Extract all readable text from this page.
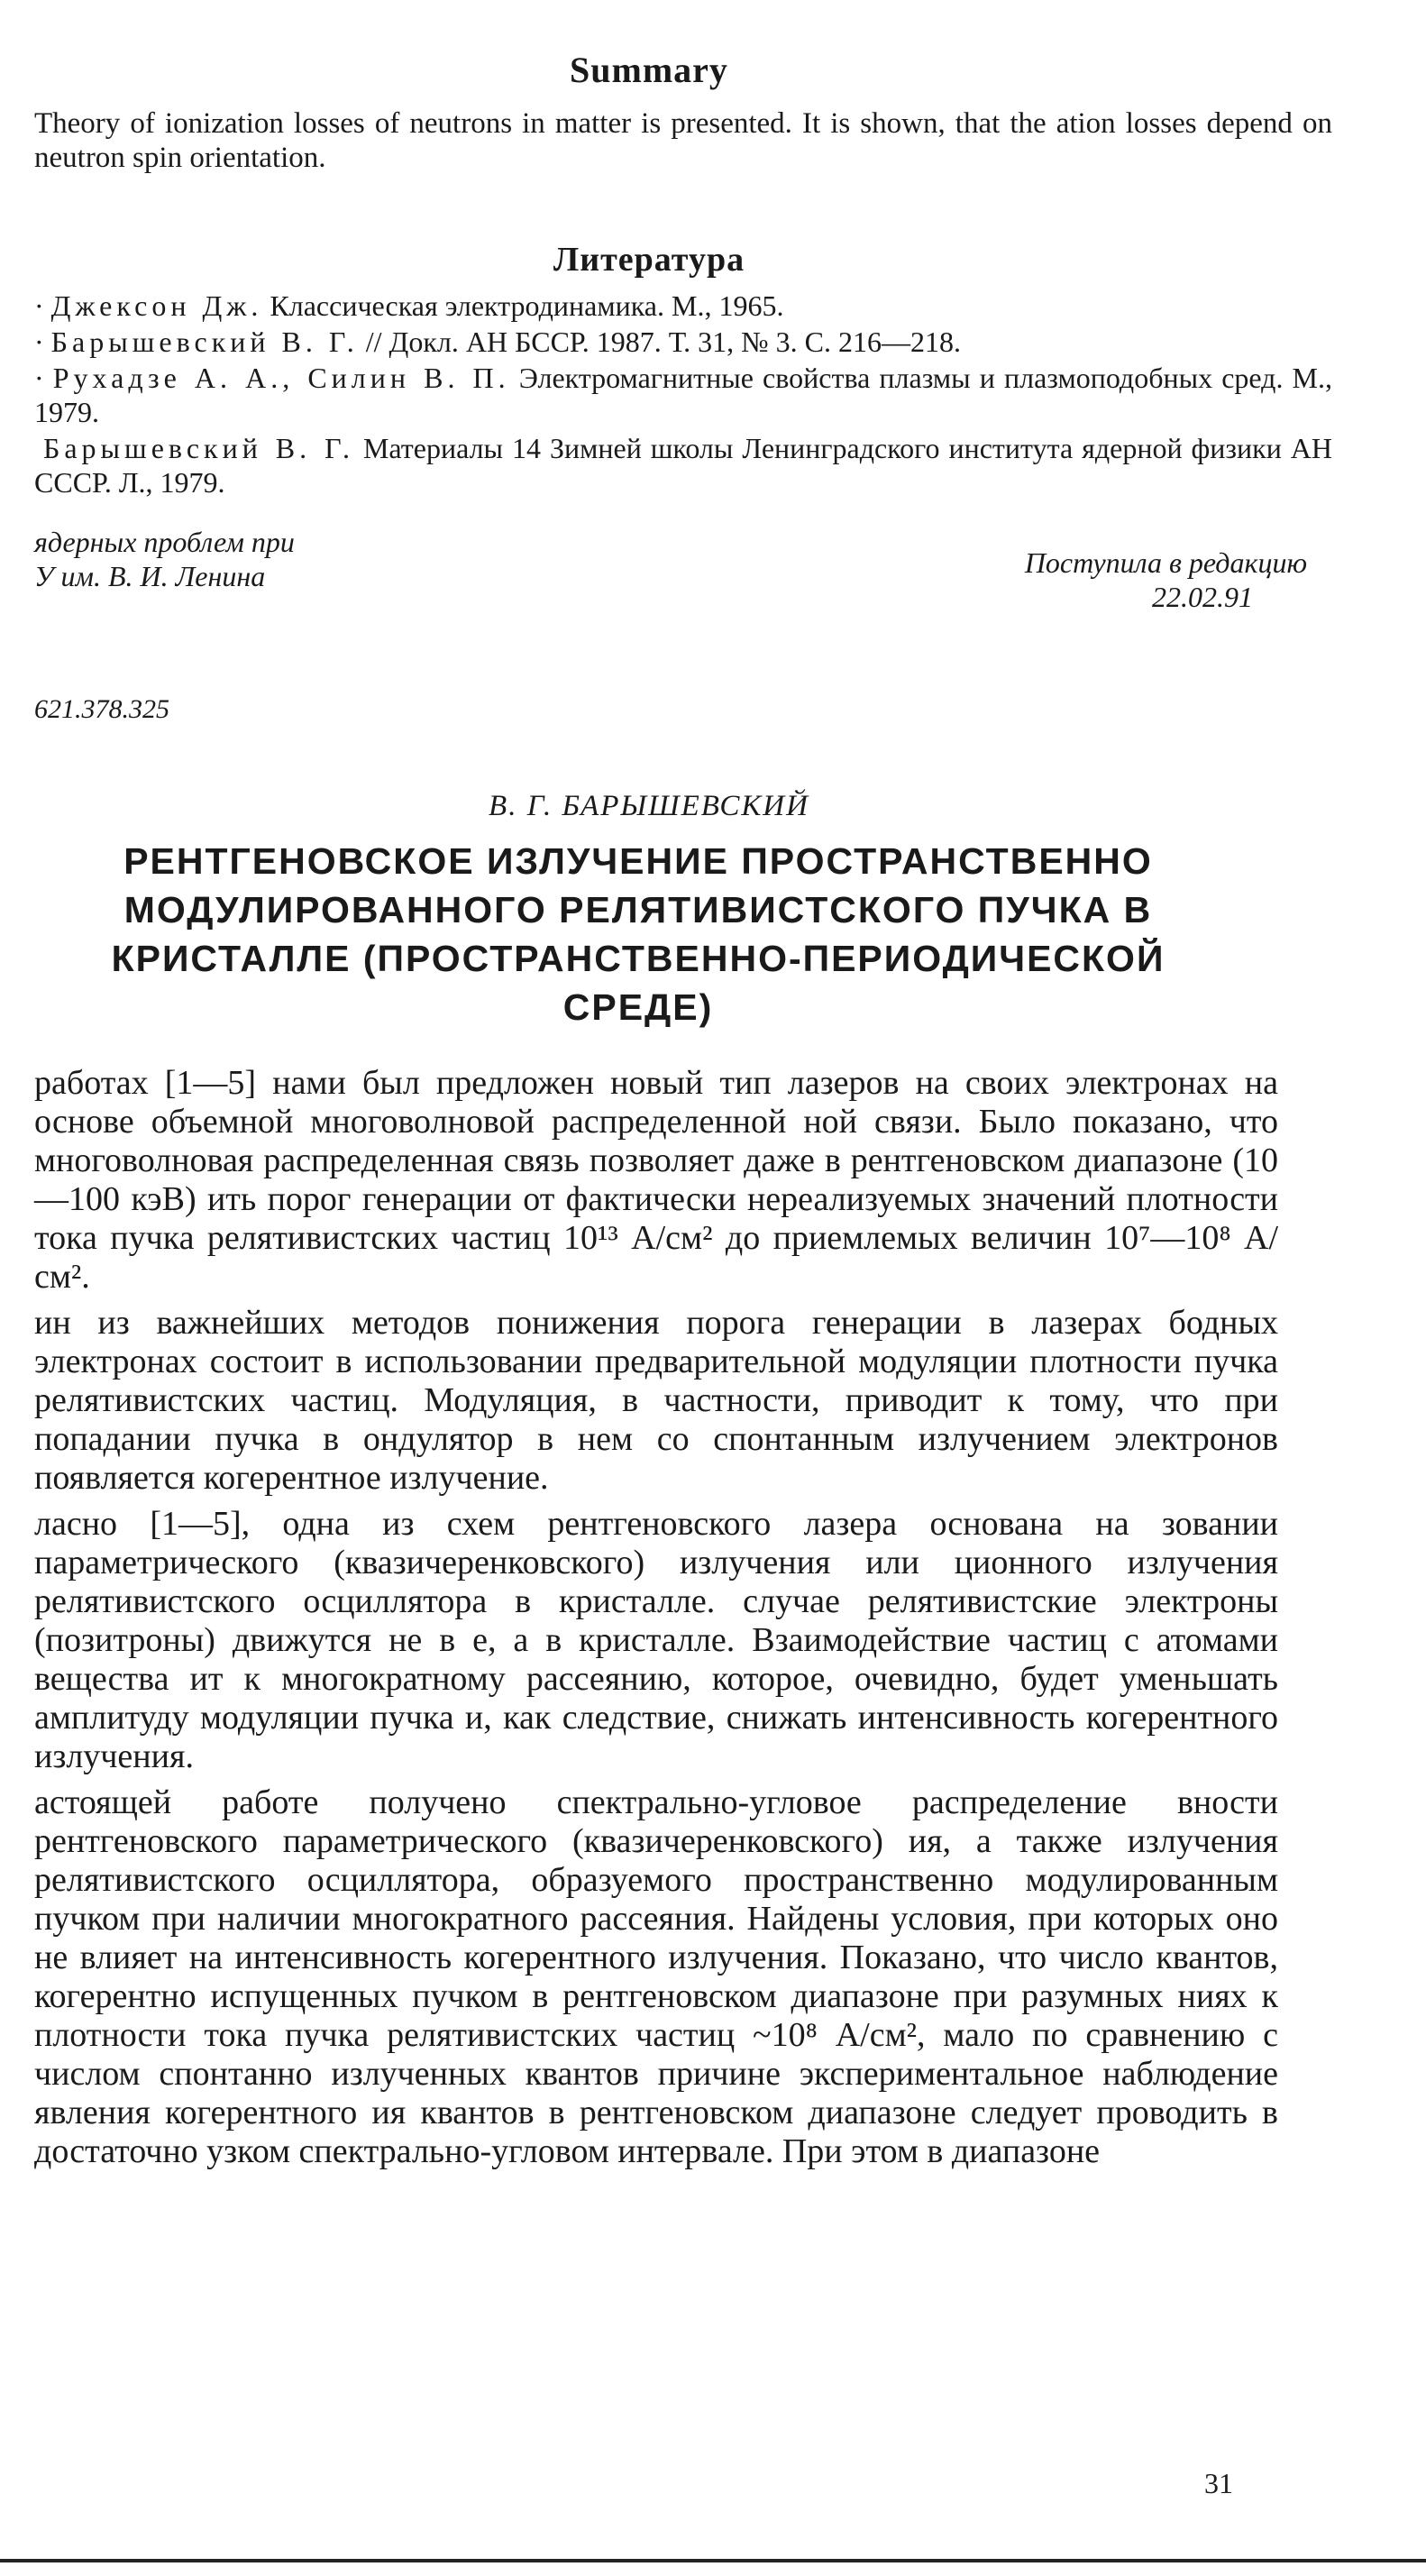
Summary
Theory of ionization losses of neutrons in matter is presented. It is shown, that the ation losses depend on neutron spin orientation.
Литература
· Джексон Дж. Классическая электродинамика. М., 1965.
· Барышевский В. Г. // Докл. АН БССР. 1987. Т. 31, № 3. С. 216—218.
· Рухадзе А. А., Силин В. П. Электромагнитные свойства плазмы и плазмоподобных сред. М., 1979.
Барышевский В. Г. Материалы 14 Зимней школы Ленинградского института ядерной физики АН СССР. Л., 1979.
ядерных проблем при
У им. В. И. Ленина	Поступила в редакцию
22.02.91
621.378.325
В. Г. БАРЫШЕВСКИЙ
РЕНТГЕНОВСКОЕ ИЗЛУЧЕНИЕ ПРОСТРАНСТВЕННО МОДУЛИРОВАННОГО РЕЛЯТИВИСТСКОГО ПУЧКА В КРИСТАЛЛЕ (ПРОСТРАНСТВЕННО-ПЕРИОДИЧЕСКОЙ СРЕДЕ)

работах [1—5] нами был предложен новый тип лазеров на своих электронах на основе объемной многоволновой распределенной ной связи. Было показано, что многоволновая распределенная связь позволяет даже в рентгеновском диапазоне (10—100 кэВ) ить порог генерации от фактически нереализуемых значений плотности тока пучка релятивистских частиц 10¹³ А/см² до приемлемых величин 10⁷—10⁸ А/см².

ин из важнейших методов понижения порога генерации в лазерах бодных электронах состоит в использовании предварительной модуляции плотности пучка релятивистских частиц. Модуляция, в частности, приводит к тому, что при попадании пучка в ондулятор в нем со спонтанным излучением электронов появляется когерентное излучение.

ласно [1—5], одна из схем рентгеновского лазера основана на зовании параметрического (квазичеренковского) излучения или ционного излучения релятивистского осциллятора в кристалле. случае релятивистские электроны (позитроны) движутся не в е, а в кристалле. Взаимодействие частиц с атомами вещества ит к многократному рассеянию, которое, очевидно, будет уменьшать амплитуду модуляции пучка и, как следствие, снижать интенсивность когерентного излучения.

астоящей работе получено спектрально-угловое распределение вности рентгеновского параметрического (квазичеренковского) ия, а также излучения релятивистского осциллятора, образуемого пространственно модулированным пучком при наличии многократного рассеяния. Найдены условия, при которых оно не влияет на интенсивность когерентного излучения. Показано, что число квантов, когерентно испущенных пучком в рентгеновском диапазоне при разумных ниях к плотности тока пучка релятивистских частиц ~10⁸ А/см², мало по сравнению с числом спонтанно излученных квантов причине экспериментальное наблюдение явления когерентного ия квантов в рентгеновском диапазоне следует проводить в достаточно узком спектрально-угловом интервале. При этом в диапазоне

31
